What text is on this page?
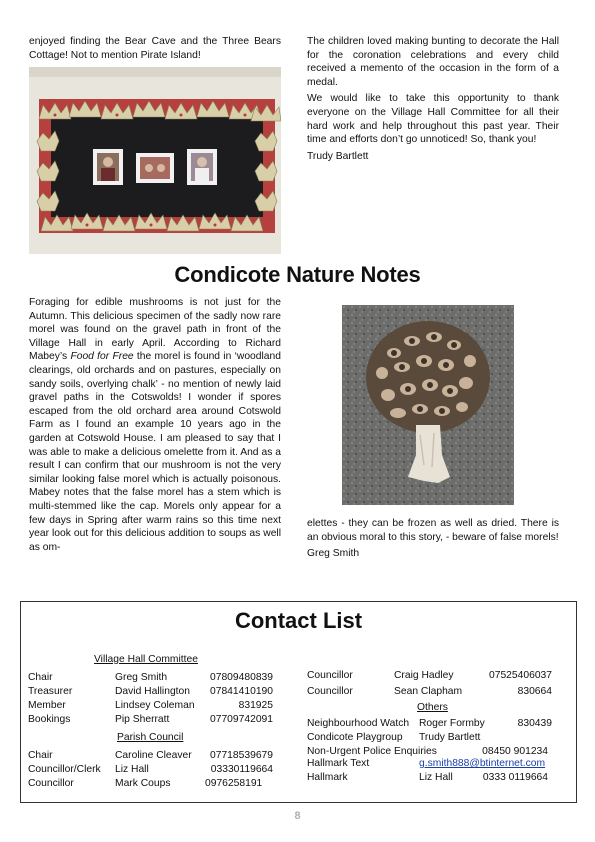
enjoyed finding the Bear Cave and the Three Bears Cottage! Not to mention Pirate Island!

The children loved making bunting to decorate the Hall for the coronation celebrations and every child received a memento of the occasion in the form of a medal.

We would like to take this opportunity to thank everyone on the Village Hall Committee for all their hard work and help throughout this past year. Their time and efforts don’t go unnoticed! So, thank you!

Trudy Bartlett

Condicote Nature Notes

Foraging for edible mushrooms is not just for the Autumn. This delicious specimen of the sadly now rare morel was found on the gravel path in front of the Village Hall in early April. According to Richard Mabey’s Food for Free the morel is found in ‘woodland clearings, old orchards and on pastures, especially on sandy soils, overlying chalk’ - no mention of newly laid gravel paths in the Cotswolds! I wonder if spores escaped from the old orchard area around Cotswold Farm as I found an example 10 years ago in the garden at Cotswold House. I am pleased to say that I was able to make a delicious omelette from it. And as a result I can confirm that our mushroom is not the very similar looking false morel which is actually poisonous. Mabey notes that the false morel has a stem which is multi-stemmed like the cap. Morels only appear for a few days in Spring after warm rains so this time next year look out for this delicious addition to soups as well as om-

elettes - they can be frozen as well as dried. There is an obvious moral to this story, - beware of false morels!

Greg Smith

Contact List
Village Hall Committee
Chair	Greg Smith	07809480839
Treasurer	David Hallington	07841410190
Member	Lindsey Coleman	831925
Bookings	Pip Sherratt	07709742091
Parish Council
Chair	Caroline Cleaver	07718539679
Councillor/Clerk Liz Hall	03330119664
Councillor	Mark Coups	0976258191
Councillor	Craig Hadley	07525406037
Councillor	Sean Clapham	830664
Others
Neighbourhood Watch Roger Formby	830439
Condicote Playgroup Trudy Bartlett
Non-Urgent Police Enquiries	08450 901234
Hallmark Text	g.smith888@btinternet.com
Hallmark	Liz Hall	0333 0119664
8
